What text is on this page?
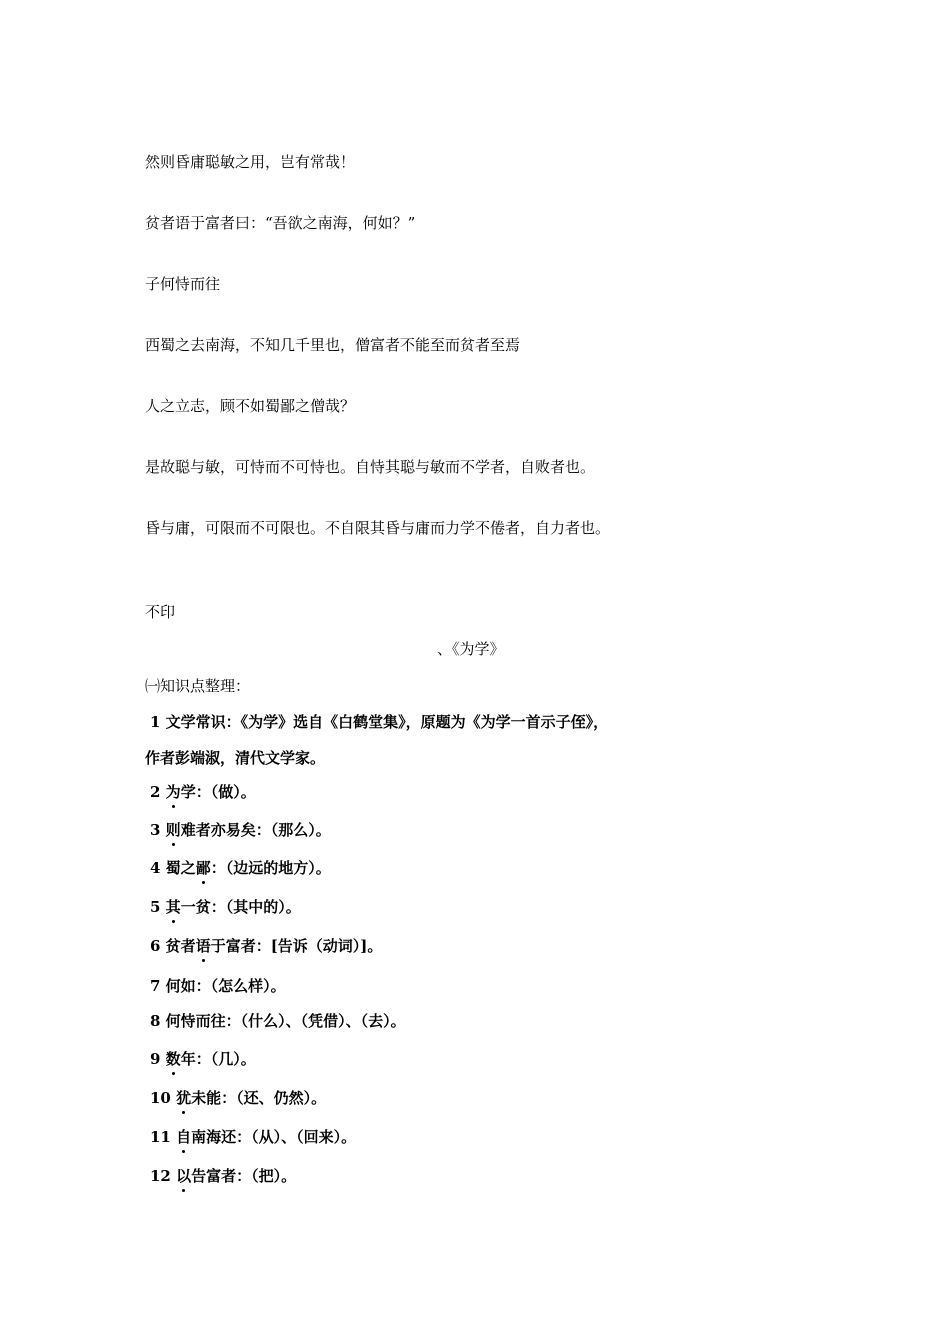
然则昏庸聪敏之用，岂有常哉！
贫者语于富者曰：“吾欲之南海，何如？”
子何恃而往
西蜀之去南海，不知几千里也，僧富者不能至而贫者至焉
人之立志，顾不如蜀鄙之僧哉？
是故聪与敏，可恃而不可恃也。自恃其聪与敏而不学者，自败者也。
昏与庸，可限而不可限也。不自限其昏与庸而力学不倦者，自力者也。
不印
、《为学》
㈠知识点整理：
1 文学常识：《为学》选自《白鹤堂集》，原题为《为学一首示子侄》，
作者彭端淑，清代文学家。
2 为学：（做）。
3 则难者亦易矣：（那么）。
4 蜀之鄙：（边远的地方）。
5 其一贫：（其中的）。
6 贫者语于富者：[告诉（动词）]。
7 何如：（怎么样）。
8 何恃而往：（什么）、（凭借）、（去）。
9 数年：（几）。
10 犹未能：（还、仍然）。
11 自南海还：（从）、（回来）。
12 以告富者：（把）。
